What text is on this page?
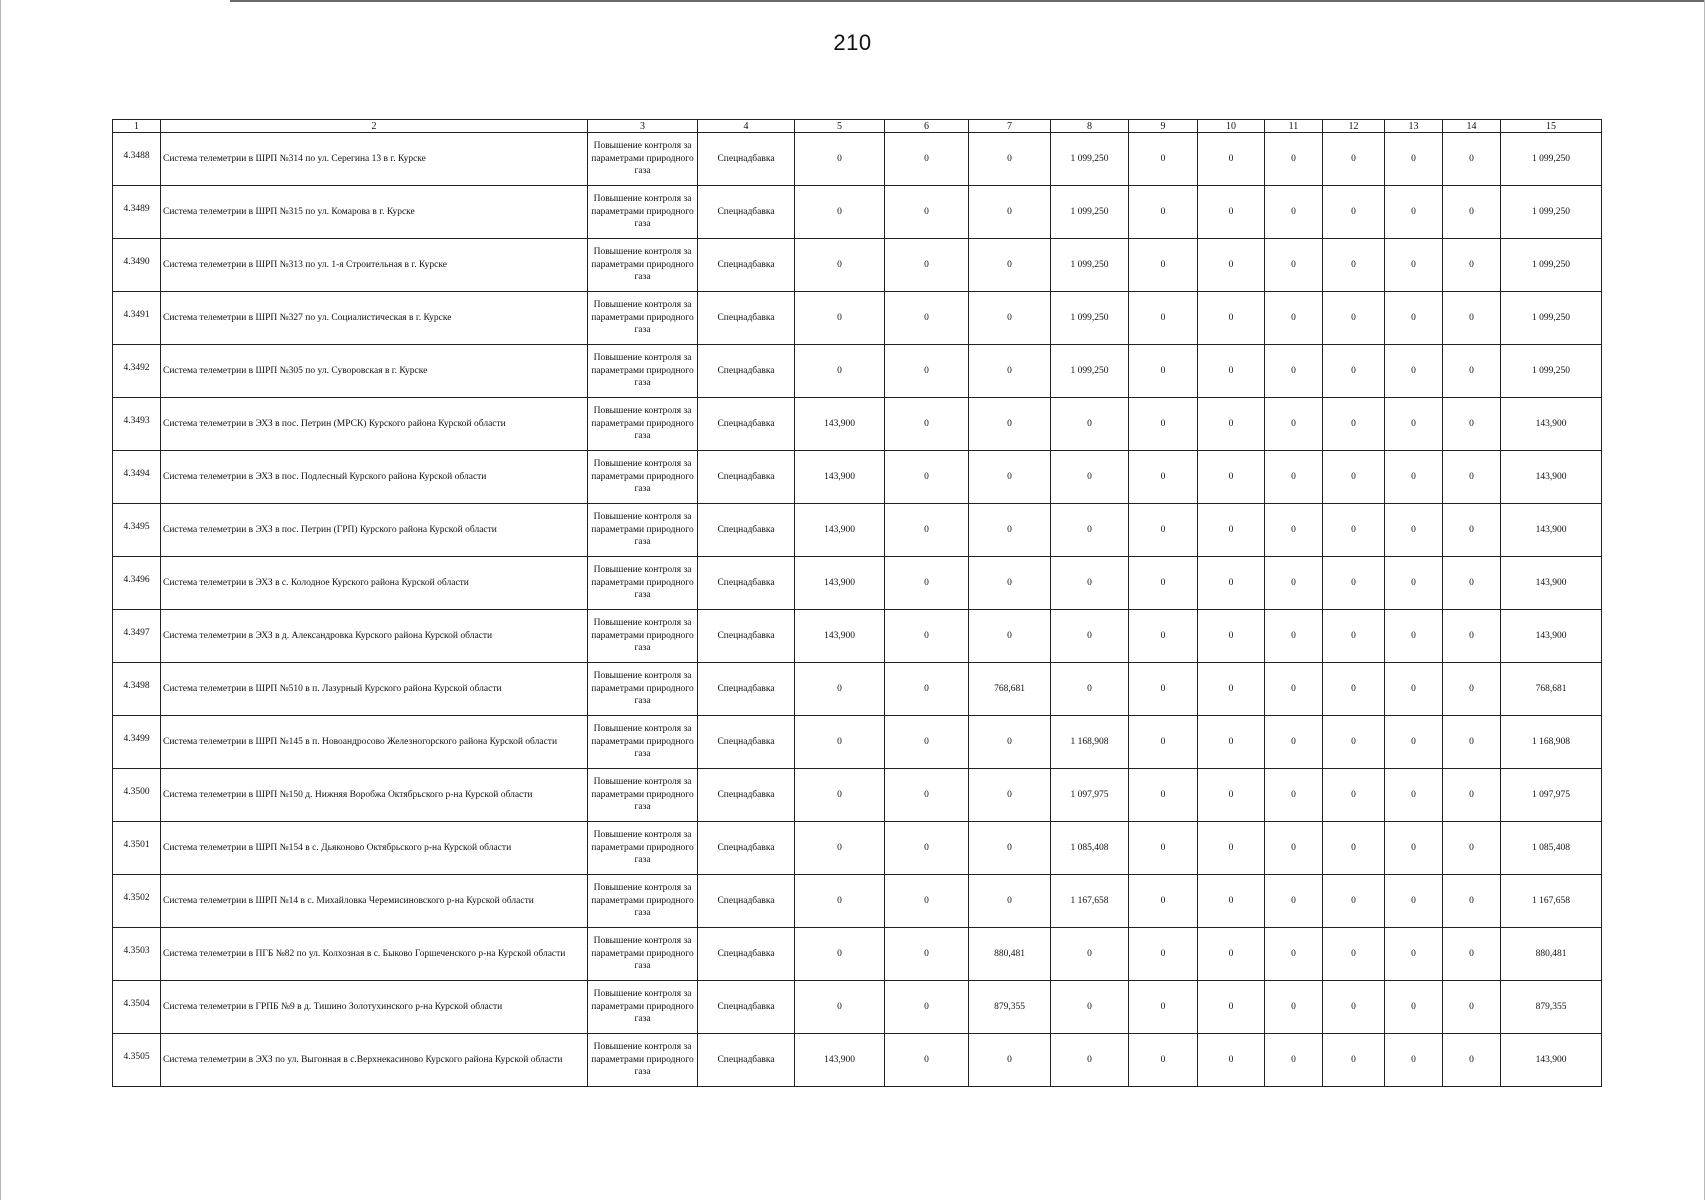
210
1	2	3	4	5	6	7	8	9	10	11	12	13	14	15
4.3488	Система телеметрии в ШРП №314 по ул. Серегина 13 в г. Курске	Повышение контроля за параметрами природного газа	Спецнадбавка	0	0	0	1 099,250	0	0	0	0	0	0	1 099,250
4.3489	Система телеметрии в ШРП №315 по ул. Комарова в г. Курске	Повышение контроля за параметрами природного газа	Спецнадбавка	0	0	0	1 099,250	0	0	0	0	0	0	1 099,250
4.3490	Система телеметрии в ШРП №313 по ул. 1-я Строительная в г. Курске	Повышение контроля за параметрами природного газа	Спецнадбавка	0	0	0	1 099,250	0	0	0	0	0	0	1 099,250
4.3491	Система телеметрии в ШРП №327 по ул. Социалистическая в г. Курске	Повышение контроля за параметрами природного газа	Спецнадбавка	0	0	0	1 099,250	0	0	0	0	0	0	1 099,250
4.3492	Система телеметрии в ШРП №305 по ул. Суворовская в г. Курске	Повышение контроля за параметрами природного газа	Спецнадбавка	0	0	0	1 099,250	0	0	0	0	0	0	1 099,250
4.3493	Система телеметрии в ЭХЗ в пос. Петрин (МРСК) Курского района Курской области	Повышение контроля за параметрами природного газа	Спецнадбавка	143,900	0	0	0	0	0	0	0	0	0	143,900
4.3494	Система телеметрии в ЭХЗ в пос. Подлесный Курского района Курской области	Повышение контроля за параметрами природного газа	Спецнадбавка	143,900	0	0	0	0	0	0	0	0	0	143,900
4.3495	Система телеметрии в ЭХЗ в пос. Петрин (ГРП) Курского района Курской области	Повышение контроля за параметрами природного газа	Спецнадбавка	143,900	0	0	0	0	0	0	0	0	0	143,900
4.3496	Система телеметрии в ЭХЗ в с. Колодное Курского района Курской области	Повышение контроля за параметрами природного газа	Спецнадбавка	143,900	0	0	0	0	0	0	0	0	0	143,900
4.3497	Система телеметрии в ЭХЗ в д. Александровка Курского района Курской области	Повышение контроля за параметрами природного газа	Спецнадбавка	143,900	0	0	0	0	0	0	0	0	0	143,900
4.3498	Система телеметрии в ШРП №510 в п. Лазурный Курского района Курской области	Повышение контроля за параметрами природного газа	Спецнадбавка	0	0	768,681	0	0	0	0	0	0	0	768,681
4.3499	Система телеметрии в ШРП №145 в п. Новоандросово Железногорского района Курской области	Повышение контроля за параметрами природного газа	Спецнадбавка	0	0	0	1 168,908	0	0	0	0	0	0	1 168,908
4.3500	Система телеметрии в ШРП №150 д. Нижняя Воробжа Октябрьского р-на Курской области	Повышение контроля за параметрами природного газа	Спецнадбавка	0	0	0	1 097,975	0	0	0	0	0	0	1 097,975
4.3501	Система телеметрии в ШРП №154 в с. Дьяконово Октябрьского р-на Курской области	Повышение контроля за параметрами природного газа	Спецнадбавка	0	0	0	1 085,408	0	0	0	0	0	0	1 085,408
4.3502	Система телеметрии в ШРП №14 в с. Михайловка Черемисиновского р-на Курской области	Повышение контроля за параметрами природного газа	Спецнадбавка	0	0	0	1 167,658	0	0	0	0	0	0	1 167,658
4.3503	Система телеметрии в ПГБ №82 по ул. Колхозная в с. Быково Горшеченского р-на Курской области	Повышение контроля за параметрами природного газа	Спецнадбавка	0	0	880,481	0	0	0	0	0	0	0	880,481
4.3504	Система телеметрии в ГРПБ №9 в д. Тишино Золотухинского р-на Курской области	Повышение контроля за параметрами природного газа	Спецнадбавка	0	0	879,355	0	0	0	0	0	0	0	879,355
4.3505	Система телеметрии в ЭХЗ по ул. Выгонная в с.Верхнекасиново Курского района Курской области	Повышение контроля за параметрами природного газа	Спецнадбавка	143,900	0	0	0	0	0	0	0	0	0	143,900
